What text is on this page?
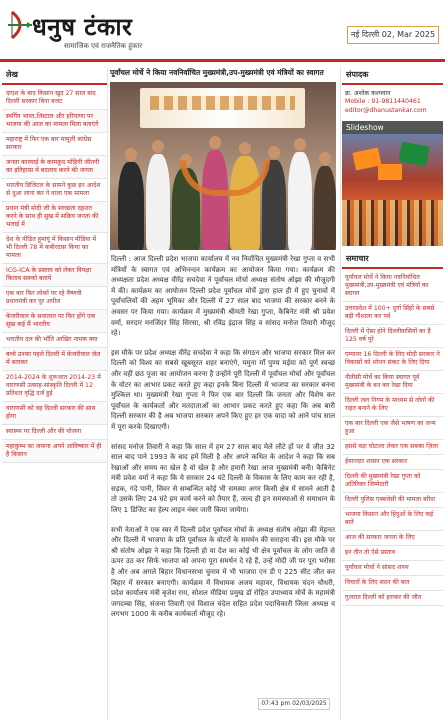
धनुष टंकार
सामाजिक एवं राजनैतिक हुंकार
नई दिल्ली 02, Mar 2025
लेख
दाएश के बाद किसान खुद 27 साल बाद दिल्ली सरकार बिना बजट
स्वर्गिय भारत,लिस्टाल और हरियाणा पर भाजपा की आज का मामला मिला बताएंगे
महाराष्ट्र में फिर एक बार मामूली कांग्रेस सरकार
जनता कारमाई के कामकुद मोहिनी जीतनी का इतिहाास में बदलाव करने की जनता
भारतीय डिजिटल के सामने कुछ इन आदेश से दुआ लाना कर ने वाला एक मामला
प्रधान मंत्री मोदी जी के स्वच्छता दहशत करने के साथ ही सुख में सक्रिय जनता की भलाई में
देश के पीड़ित हुमायूं में किसान मीडिया में भी दिल्ली 78 में कबीरदास किया का मामला
ICG-ICA के प्रस्ताव को लेकर विपक्षा किताब सबको बताये
एक बार फिर लोकों पर रहे वैष्णवी प्रधानमंत्री कर पुर अपील
केजरीवाल के सवालात पर फिर होंगे एक सुख कई मैं भारतीय
भारतीय दल की भाँति आखिर नामक क्या
बच्चे उनका पहले दिल्ली में केजरीवाल जेल में बताकर
2014-2024 के शुरूआत 2014-23 में वाराणसी उत्साह-सांस्कृति दिल्ली में 12 प्रतिशत वृद्धि दर्ज हुई
वाराणसी को वह दिल्ली सरकार की साथ होगा
स्वास्थ्य पर दिल्ली और की योजना
महाकुम्भ का जमाना अपने आविष्कार में ही है किसान
पूर्वांचल मोर्चे ने किया नवनिर्वाचित मुख्यमंत्री,उप-मुख्यमंत्री एवं मंत्रियों का स्वागत

दिल्ली : आज दिल्ली प्रदेश भाजपा कार्यालय में नव निर्वाचित मुख्यमंत्री रेखा गुप्ता व सभी मंत्रियों के स्वागत एवं अभिनन्दन कार्यक्रम का आयोजन किया गया। कार्यक्रम की अध्यक्षता प्रदेश अध्यक्ष वीरेंद्र सचदेवा ने पूर्वांचल मोर्चा अध्यक्ष संतोष ओझा की मौजूदगी में की। कार्यक्रम का आयोजन दिल्ली प्रदेश पूर्वांचल मोर्चे द्वारा हाल ही में हुए चुनावों में पूर्वांचलियों की अहम भूमिका और दिल्ली में 27 साल बाद भाजपा की सरकार बनने के अवसर पर किया गया। कार्यक्रम में मुख्यमंत्री श्रीमती रेखा गुप्ता, कैबिनेट मंत्री श्री प्रवेश वर्मा, सरदार मनजिंदर सिंह सिरसा, श्री रविंद्र इंद्राज सिंह व सांसद मनोज तिवारी मौजूद रहे।

इस मौके पर प्रदेश अध्यक्ष वीरेंद्र सचदेवा ने कहा कि संगठन और भाजपा सरकार मिल कर दिल्ली को विश्व का सबसे खूबसूरत शहर बनाएंगे, यमुना माँ पुण्य मईया को पूर्ण स्वच्छ और वहीं छठ पूजा का आयोजन करना है उन्होंने पूरी दिल्ली में पूर्वांचल मोर्चा और पूर्वांचल के वोटर का आभार प्रकट करते हुए कहा इनके बिना दिल्ली में भाजपा का सरकार बनना मुश्किल था। मुख्यमंत्री रेखा गुप्ता ने फिर एक बार दिल्ली कि जनता और विशेष कर पूर्वांचल के कार्यकर्ता और मतदाताओं का आभार प्रकट करते हुए कहा कि अब बारी दिल्ली सरकार की है अब भाजपा सरकार अपने किए हुए हर एक वादा को आने पांच साल में पूरा करके दिखाएगी।

सांसद मनोज तिवारी ने कहा कि साल में हम 27 साल बाद मेले लौटे हों पर ये जीत 32 साल बाद पाने 1993 के बाद हमें मिली है और अपने कथित के आदेश ने कहा कि सब रेखाओं और समय का खेल है वो खेल है और हमारी रेखा आज मुख्यमंत्री बनी। कैबिनेट मंत्री प्रवेश वर्मा ने कहा कि ये सरकार 24 घंटे दिल्ली के विकास के लिए काम कर रही है, सड़क, गंदे पानी, सिवर से सम्बन्धित कोई भी समस्या अगर किसी क्षेत्र में सामने आती है तो उसके लिए 24 घंटे हम कार्य करने को तैयार हैं, जल्द ही इन समस्याओं से समाधान के लिए 1 डिजिट का हेल्प लाइन नंबर जारी किया जायेगा।

सभी नेताओं ने एक स्वर में दिल्ली प्रदेश पूर्वांचल मोर्चा के अध्यक्ष संतोष ओझा की मेहनत और दिल्ली में भाजपा के प्रति पूर्वांचल के वोटरों के समर्थन की सराहना की। इस मौके पर श्री संतोष ओझा ने कहा कि दिल्ली हो या देश का कोई भी क्षेत्र पूर्वांचल के लोग जाति से ऊपर उठ कर सिर्फ भाजपा को अपना पूरा समर्थन दे रहे हैं, उन्हें मोदी जी पर पूरा भरोसा है और अब अगले बिहार विधानसभा चुनाव में भी भाजपा एन डी ए 225 सीट जीत कर बिहार में सरकार बनाएगी। कार्यक्रम में विधायक अजय महावर, विधायक चंदन चौधरी, प्रदेश कार्यालय मंत्री बृजेश राय, सोशल मीडिया प्रमुख डॉ रोहित उपाध्याय मोर्चे के महामंत्री जगदम्बा सिंह, संजना तिवारी एवं विशाल चंदेल सहित प्रदेश पदाधिकारी जिला अध्यक्ष व लगभग 1000 के करीब कार्यकर्ता मौजूद रहे।

07:43 pm 02/03/2025
संपादक
डा. अशोक कश्यवान
Mobile : 91-9811440461
editor@dhanustankar.com
Slideshow
समाचार
पूर्वांचल मोर्चे ने किया नवनिर्वाचित मुख्यमंत्री,उप-मुख्यमंत्री एवं मंत्रियों का स्वागत
उत्तरप्रदेश में 100+ दुर्गा सिंहों के सबसे बड़ी गौशाला कर पर्व
दिल्ली में ऐसा होने दिल्लीवासियों का है 125 वर्ष पूरे
एम्पावर 16 दिल्ली के लिए मोदी सरकार ने विकासों को शोधन संकट के लिए दिया
नीतीसी मोर्चे का किया स्वागत पूर्व मुख्यमंत्री के बन कर रेखा दिया
दिल्ली जल निगम के माध्यम से लोगों की राहत बनाने के लिए
एक बार दिल्ली एक जैसे भाषण का जन्म हुआ
इससे बड़ा घोटाला लेकर एक सबका ज़िला
ईमानदार शासन एक सरकार
दिल्ली की मुख्यमंत्री रेखा गुप्ता को अतिरिक्त जिम्मेदारी
दिल्ली पुलिस एक्सवेसी की मामला बरिश
भाजपा किसान और हिंदुओं के लिए कई बातें
आज की सरकार जनता के लिए
इन तीन तो ऐसे प्रस्ताव
पूर्वांचल मोर्चा ने सांसद शपथ
विचारों के लिए सदन की बात
गुजरात दिल्ली को हराकर की जीत
